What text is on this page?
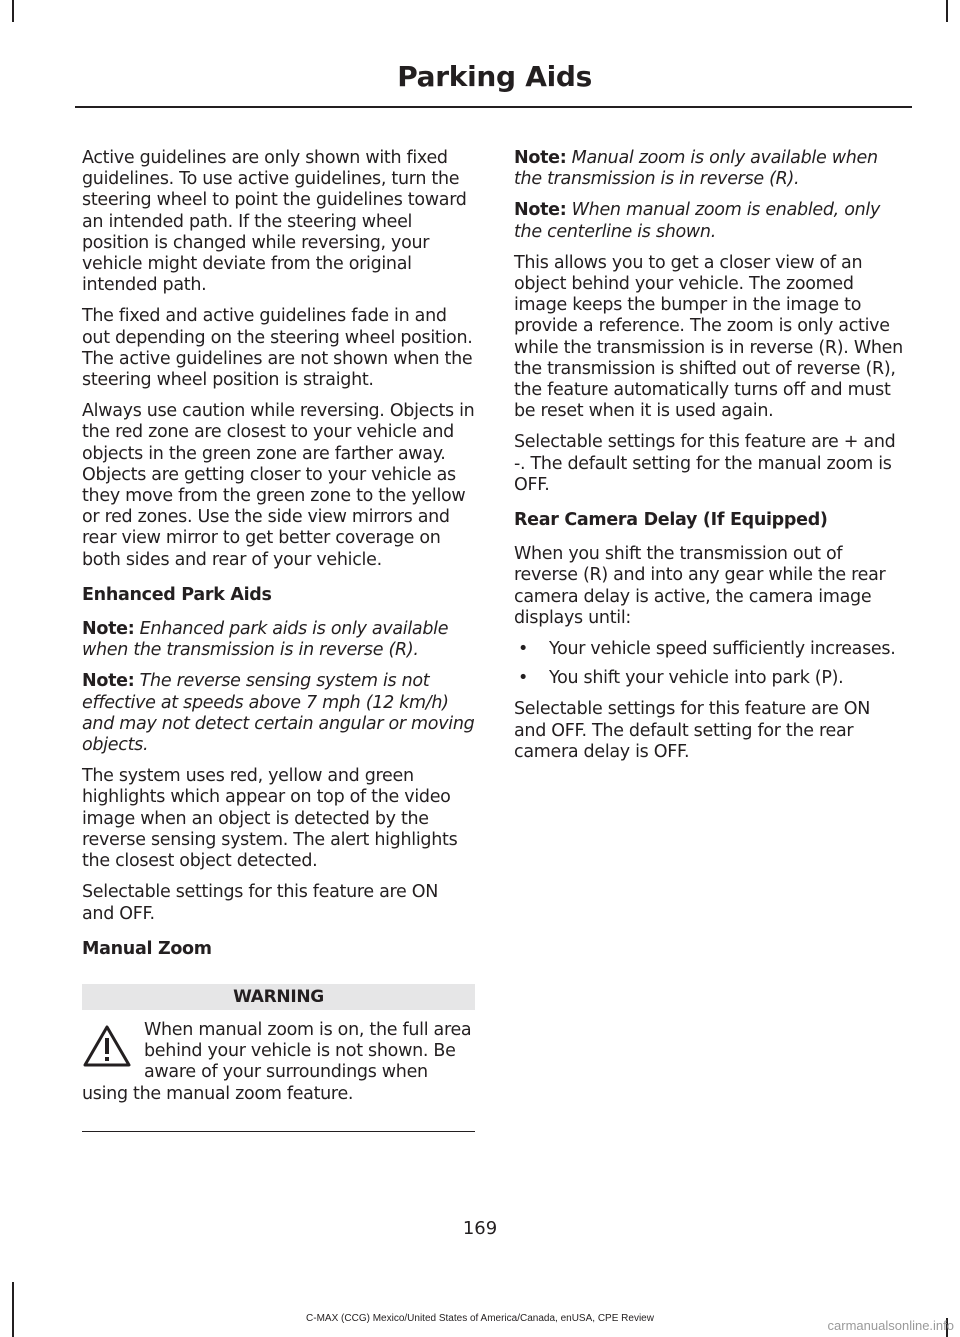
Parking Aids

Active guidelines are only shown with fixed guidelines. To use active guidelines, turn the steering wheel to point the guidelines toward an intended path. If the steering wheel position is changed while reversing, your vehicle might deviate from the original intended path.

The fixed and active guidelines fade in and out depending on the steering wheel position. The active guidelines are not shown when the steering wheel position is straight.

Always use caution while reversing. Objects in the red zone are closest to your vehicle and objects in the green zone are farther away. Objects are getting closer to your vehicle as they move from the green zone to the yellow or red zones. Use the side view mirrors and rear view mirror to get better coverage on both sides and rear of your vehicle.

Enhanced Park Aids

Note: Enhanced park aids is only available when the transmission is in reverse (R).

Note: The reverse sensing system is not effective at speeds above 7 mph (12 km/h) and may not detect certain angular or moving objects.

The system uses red, yellow and green highlights which appear on top of the video image when an object is detected by the reverse sensing system. The alert highlights the closest object detected.

Selectable settings for this feature are ON and OFF.

Manual Zoom
WARNING

When manual zoom is on, the full area behind your vehicle is not shown. Be aware of your surroundings when using the manual zoom feature.

Note: Manual zoom is only available when the transmission is in reverse (R).

Note: When manual zoom is enabled, only the centerline is shown.

This allows you to get a closer view of an object behind your vehicle. The zoomed image keeps the bumper in the image to provide a reference. The zoom is only active while the transmission is in reverse (R). When the transmission is shifted out of reverse (R), the feature automatically turns off and must be reset when it is used again.

Selectable settings for this feature are + and -. The default setting for the manual zoom is OFF.

Rear Camera Delay (If Equipped)

When you shift the transmission out of reverse (R) and into any gear while the rear camera delay is active, the camera image displays until:

• Your vehicle speed sufficiently increases.
• You shift your vehicle into park (P).

Selectable settings for this feature are ON and OFF. The default setting for the rear camera delay is OFF.

169
C-MAX (CCG) Mexico/United States of America/Canada, enUSA, CPE Review	carmanualsonline.info
